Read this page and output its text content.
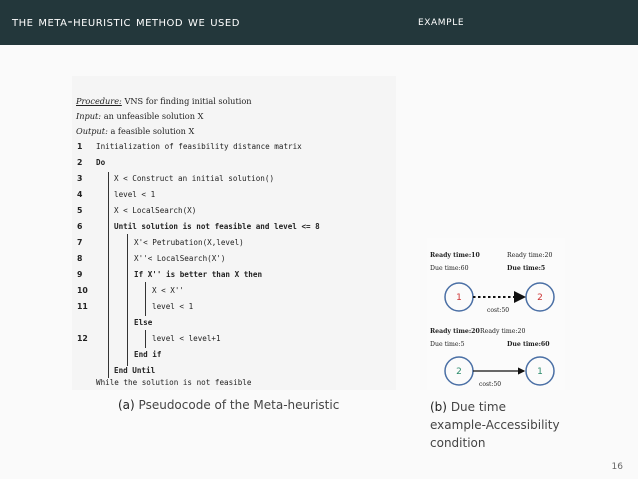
the meta-heuristic method we used	example
Procedure: VNS for finding initial solution
Input: an unfeasible solution X
Output: a feasible solution X
1
2
3
4
5
6
7
8
9
10
11
12
Initialization of feasibility distance matrix
Do
X < Construct an initial solution()
level < 1
X < LocalSearch(X)
Until solution is not feasible and level <= 8
X'< Petrubation(X,level)
X''< LocalSearch(X')
If X'' is better than X then
X < X''
level < 1
Else
level < level+1
End if
End Until
While the solution is not feasible
Ready time:10
Due time:60
Ready time:20
Due time:5
1	2
cost:50
Ready time:20
Due time:5
Ready time:20
Due time:60
2	1
cost:50
(a) Pseudocode of the Meta-heuristic	(b) Due time
example-Accessibility
condition
16
